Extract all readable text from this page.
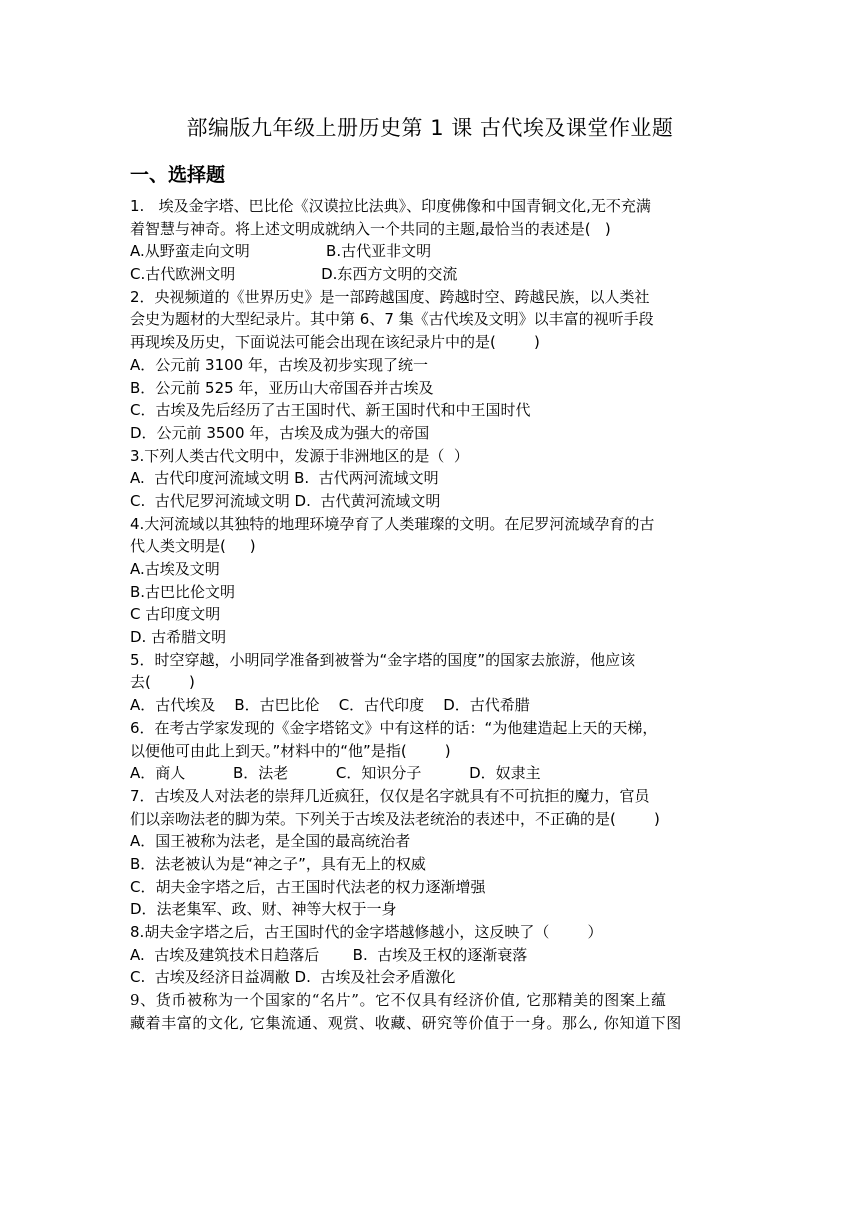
部编版九年级上册历史第 1 课 古代埃及课堂作业题
一、选择题
1.   埃及金字塔、巴比伦《汉谟拉比法典》、印度佛像和中国青铜文化,无不充满
着智慧与神奇。将上述文明成就纳入一个共同的主题,最恰当的表述是(   )
A.从野蛮走向文明                B.古代亚非文明
C.古代欧洲文明                  D.东西方文明的交流
2．央视频道的《世界历史》是一部跨越国度、跨越时空、跨越民族，以人类社
会史为题材的大型纪录片。其中第 6、7 集《古代埃及文明》以丰富的视听手段
再现埃及历史，下面说法可能会出现在该纪录片中的是(        )
A．公元前 3100 年，古埃及初步实现了统一
B．公元前 525 年，亚历山大帝国吞并古埃及
C．古埃及先后经历了古王国时代、新王国时代和中王国时代
D．公元前 3500 年，古埃及成为强大的帝国
3.下列人类古代文明中，发源于非洲地区的是（  ）
A.  古代印度河流域文明 B.  古代两河流域文明
C.  古代尼罗河流域文明 D.  古代黄河流域文明
4.大河流域以其独特的地理环境孕育了人类璀璨的文明。在尼罗河流域孕育的古
代人类文明是(     )
A.古埃及文明
B.古巴比伦文明
C 古印度文明
D. 古希腊文明
5．时空穿越，小明同学准备到被誉为“金字塔的国度”的国家去旅游，他应该
去(        )
A．古代埃及    B．古巴比伦    C．古代印度    D．古代希腊
6．在考古学家发现的《金字塔铭文》中有这样的话：“为他建造起上天的天梯，
以便他可由此上到天。”材料中的“他”是指(        )
A．商人          B．法老          C．知识分子          D．奴隶主
7．古埃及人对法老的崇拜几近疯狂，仅仅是名字就具有不可抗拒的魔力，官员
们以亲吻法老的脚为荣。下列关于古埃及法老统治的表述中，不正确的是(        )
A．国王被称为法老，是全国的最高统治者
B．法老被认为是“神之子”，具有无上的权威
C．胡夫金字塔之后，古王国时代法老的权力逐渐增强
D．法老集军、政、财、神等大权于一身
8.胡夫金字塔之后，古王国时代的金字塔越修越小，这反映了（        ）
A.  古埃及建筑技术日趋落后       B.  古埃及王权的逐渐衰落
C.  古埃及经济日益凋敝 D.  古埃及社会矛盾激化
9、货币被称为一个国家的“名片”。它不仅具有经济价值, 它那精美的图案上蕴
藏着丰富的文化, 它集流通、观赏、收藏、研究等价值于一身。那么, 你知道下图
